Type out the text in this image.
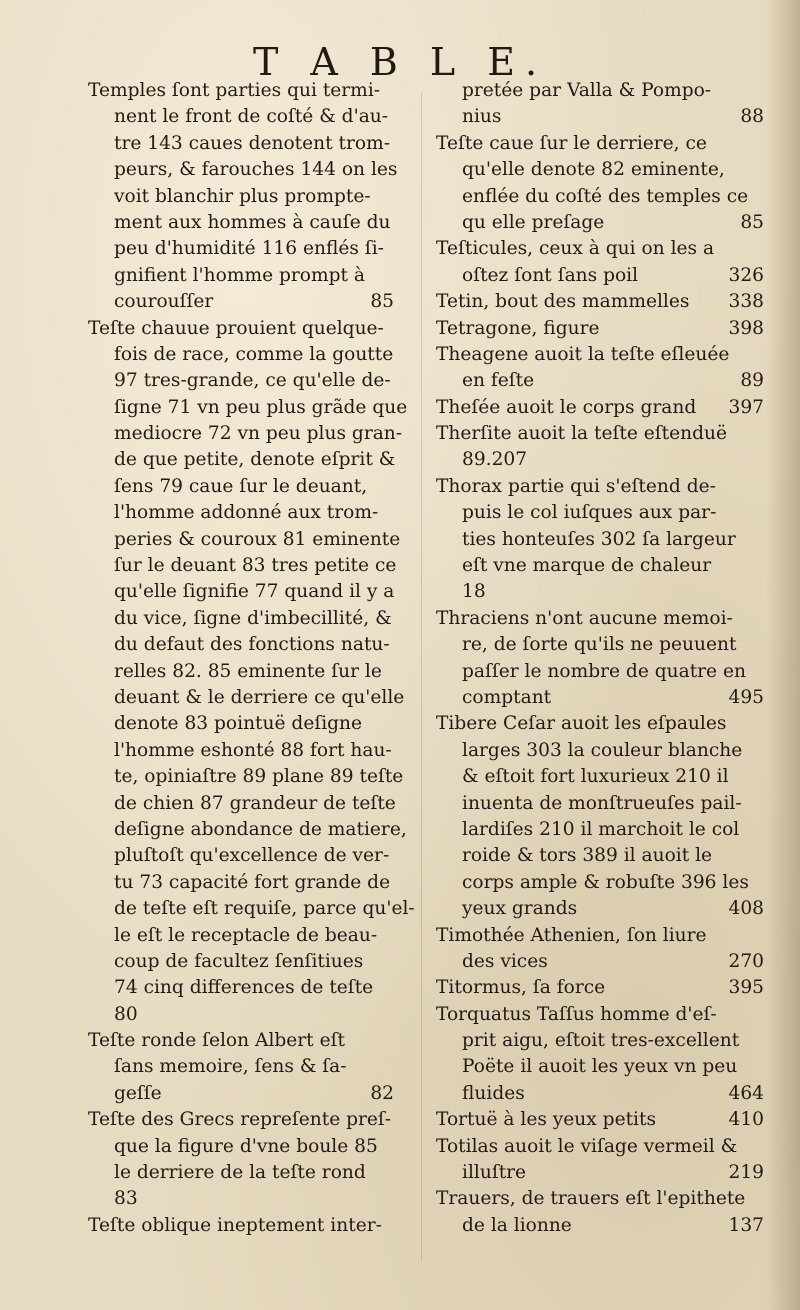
T A B L E.
Temples ſont parties qui termi-
nent le front de coſté & d'au-
tre 143 caues denotent trom-
peurs, & farouches 144 on les
voit blanchir plus prompte-
ment aux hommes à cauſe du
peu d'humidité 116 enflés ſi-
gnifient l'homme prompt à
courouſſer	85
Teſte chauue prouient quelque-
fois de race, comme la goutte
97 tres-grande, ce qu'elle de-
ſigne 71 vn peu plus grãde que
mediocre 72 vn peu plus gran-
de que petite, denote eſprit &
ſens 79 caue ſur le deuant,
l'homme addonné aux trom-
peries & couroux 81 eminente
ſur le deuant 83 tres petite ce
qu'elle ſignifie 77 quand il y a
du vice, ſigne d'imbecillité, &
du defaut des fonctions natu-
relles 82. 85 eminente ſur le
deuant & le derriere ce qu'elle
denote 83 pointuë deſigne
l'homme eshonté 88 fort hau-
te, opiniaſtre 89 plane 89 teſte
de chien 87 grandeur de teſte
deſigne abondance de matiere,
pluſtoſt qu'excellence de ver-
tu 73 capacité fort grande de
de teſte eſt requiſe, parce qu'el-
le eſt le receptacle de beau-
coup de facultez ſenſitiues
74 cinq differences de teſte
80
Teſte ronde ſelon Albert eſt
ſans memoire, ſens & ſa-
geſſe	82
Teſte des Grecs repreſente preſ-
que la figure d'vne boule 85
le derriere de la teſte rond
83
Teſte oblique ineptement inter-
pretée par Valla & Pompo-
nius	88
Teſte caue ſur le derriere, ce
qu'elle denote 82 eminente,
enflée du coſté des temples ce
qu elle preſage	85
Teſticules, ceux à qui on les a
oſtez ſont ſans poil	326
Tetin, bout des mammelles 338
Tetragone, figure	398
Theagene auoit la teſte eſleuée
en feſte	89
Theſée auoit le corps grand 397
Therſite auoit la teſte eſtenduë
89.207
Thorax partie qui s'eſtend de-
puis le col iuſques aux par-
ties honteuſes 302 ſa largeur
eſt vne marque de chaleur
18
Thraciens n'ont aucune memoi-
re, de ſorte qu'ils ne peuuent
paſſer le nombre de quatre en
comptant	495
Tibere Ceſar auoit les eſpaules
larges 303 la couleur blanche
& eſtoit fort luxurieux 210 il
inuenta de monſtrueuſes pail-
lardiſes 210 il marchoit le col
roide & tors 389 il auoit le
corps ample & robuſte 396 les
yeux grands	408
Timothée Athenien, ſon liure
des vices	270
Titormus, ſa force	395
Torquatus Taſſus homme d'eſ-
prit aigu, eſtoit tres-excellent
Poëte il auoit les yeux vn peu
fluides	464
Tortuë à les yeux petits	410
Totilas auoit le viſage vermeil &
illuſtre	219
Trauers, de trauers eſt l'epithete
de la lionne	137
